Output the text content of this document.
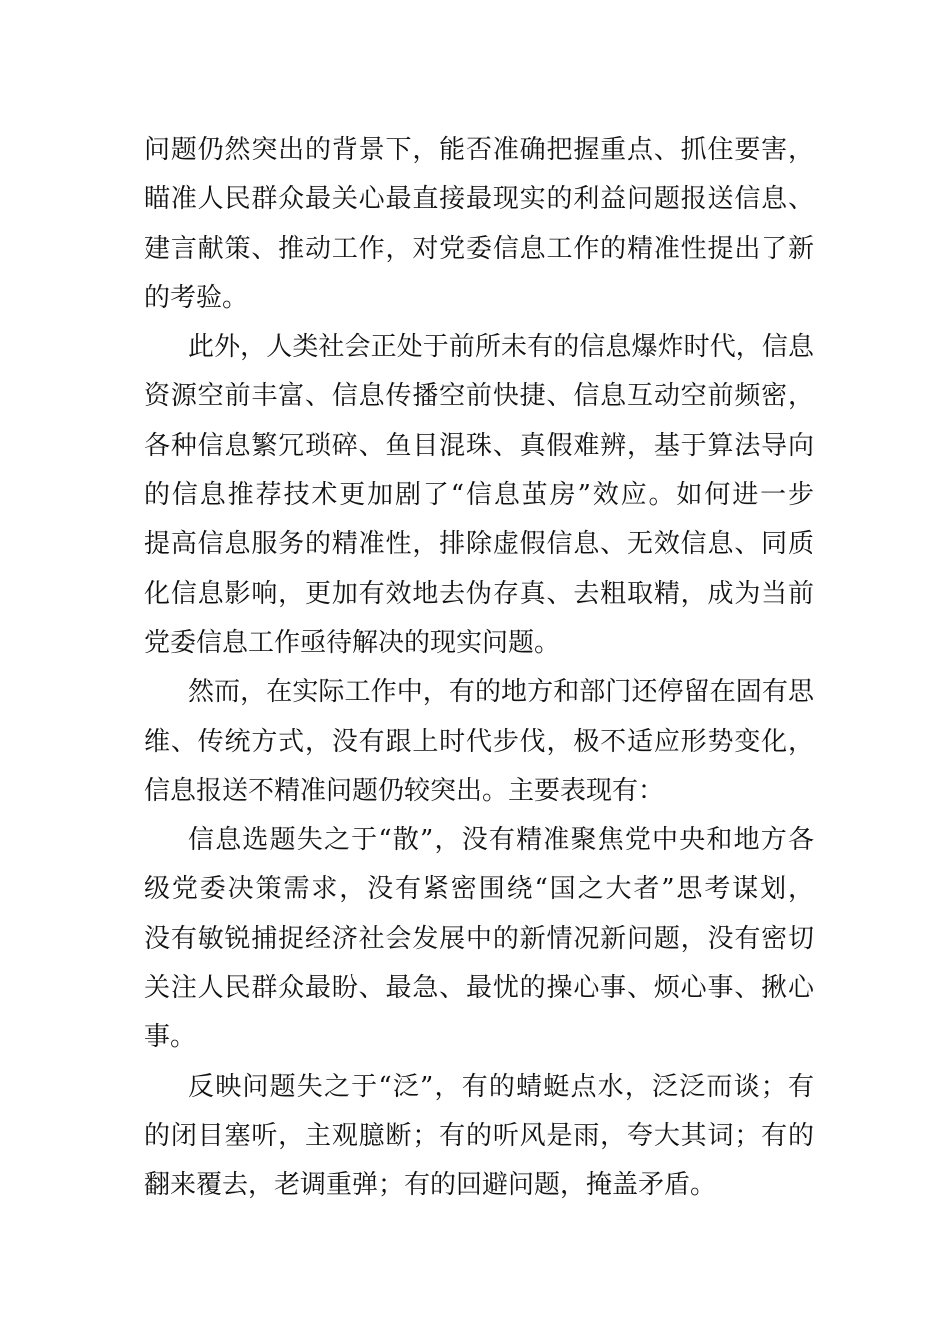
问题仍然突出的背景下，能否准确把握重点、抓住要害，
瞄准人民群众最关心最直接最现实的利益问题报送信息、
建言献策、推动工作，对党委信息工作的精准性提出了新
的考验。
此外，人类社会正处于前所未有的信息爆炸时代，信息
资源空前丰富、信息传播空前快捷、信息互动空前频密，
各种信息繁冗琐碎、鱼目混珠、真假难辨，基于算法导向
的信息推荐技术更加剧了“信息茧房”效应。如何进一步
提高信息服务的精准性，排除虚假信息、无效信息、同质
化信息影响，更加有效地去伪存真、去粗取精，成为当前
党委信息工作亟待解决的现实问题。
然而，在实际工作中，有的地方和部门还停留在固有思
维、传统方式，没有跟上时代步伐，极不适应形势变化，
信息报送不精准问题仍较突出。主要表现有：
信息选题失之于“散”，没有精准聚焦党中央和地方各
级党委决策需求，没有紧密围绕“国之大者”思考谋划，
没有敏锐捕捉经济社会发展中的新情况新问题，没有密切
关注人民群众最盼、最急、最忧的操心事、烦心事、揪心
事。
反映问题失之于“泛”，有的蜻蜓点水，泛泛而谈；有
的闭目塞听，主观臆断；有的听风是雨，夸大其词；有的
翻来覆去，老调重弹；有的回避问题，掩盖矛盾。
